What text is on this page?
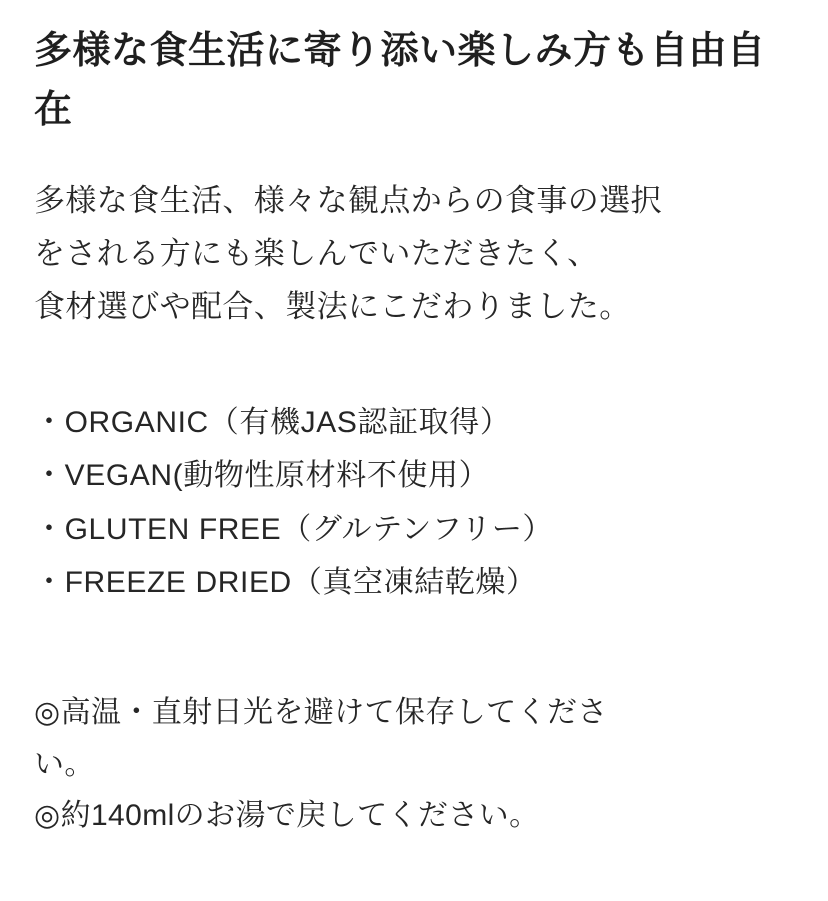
多様な食生活に寄り添い楽しみ方も自由自在
多様な食生活、様々な観点からの食事の選択
をされる方にも楽しんでいただきたく、
食材選びや配合、製法にこだわりました。
・ORGANIC（有機JAS認証取得）
・VEGAN(動物性原材料不使用）
・GLUTEN FREE（グルテンフリー）
・FREEZE DRIED（真空凍結乾燥）
◎高温・直射日光を避けて保存してくださ
い。
◎約140mlのお湯で戻してください。
